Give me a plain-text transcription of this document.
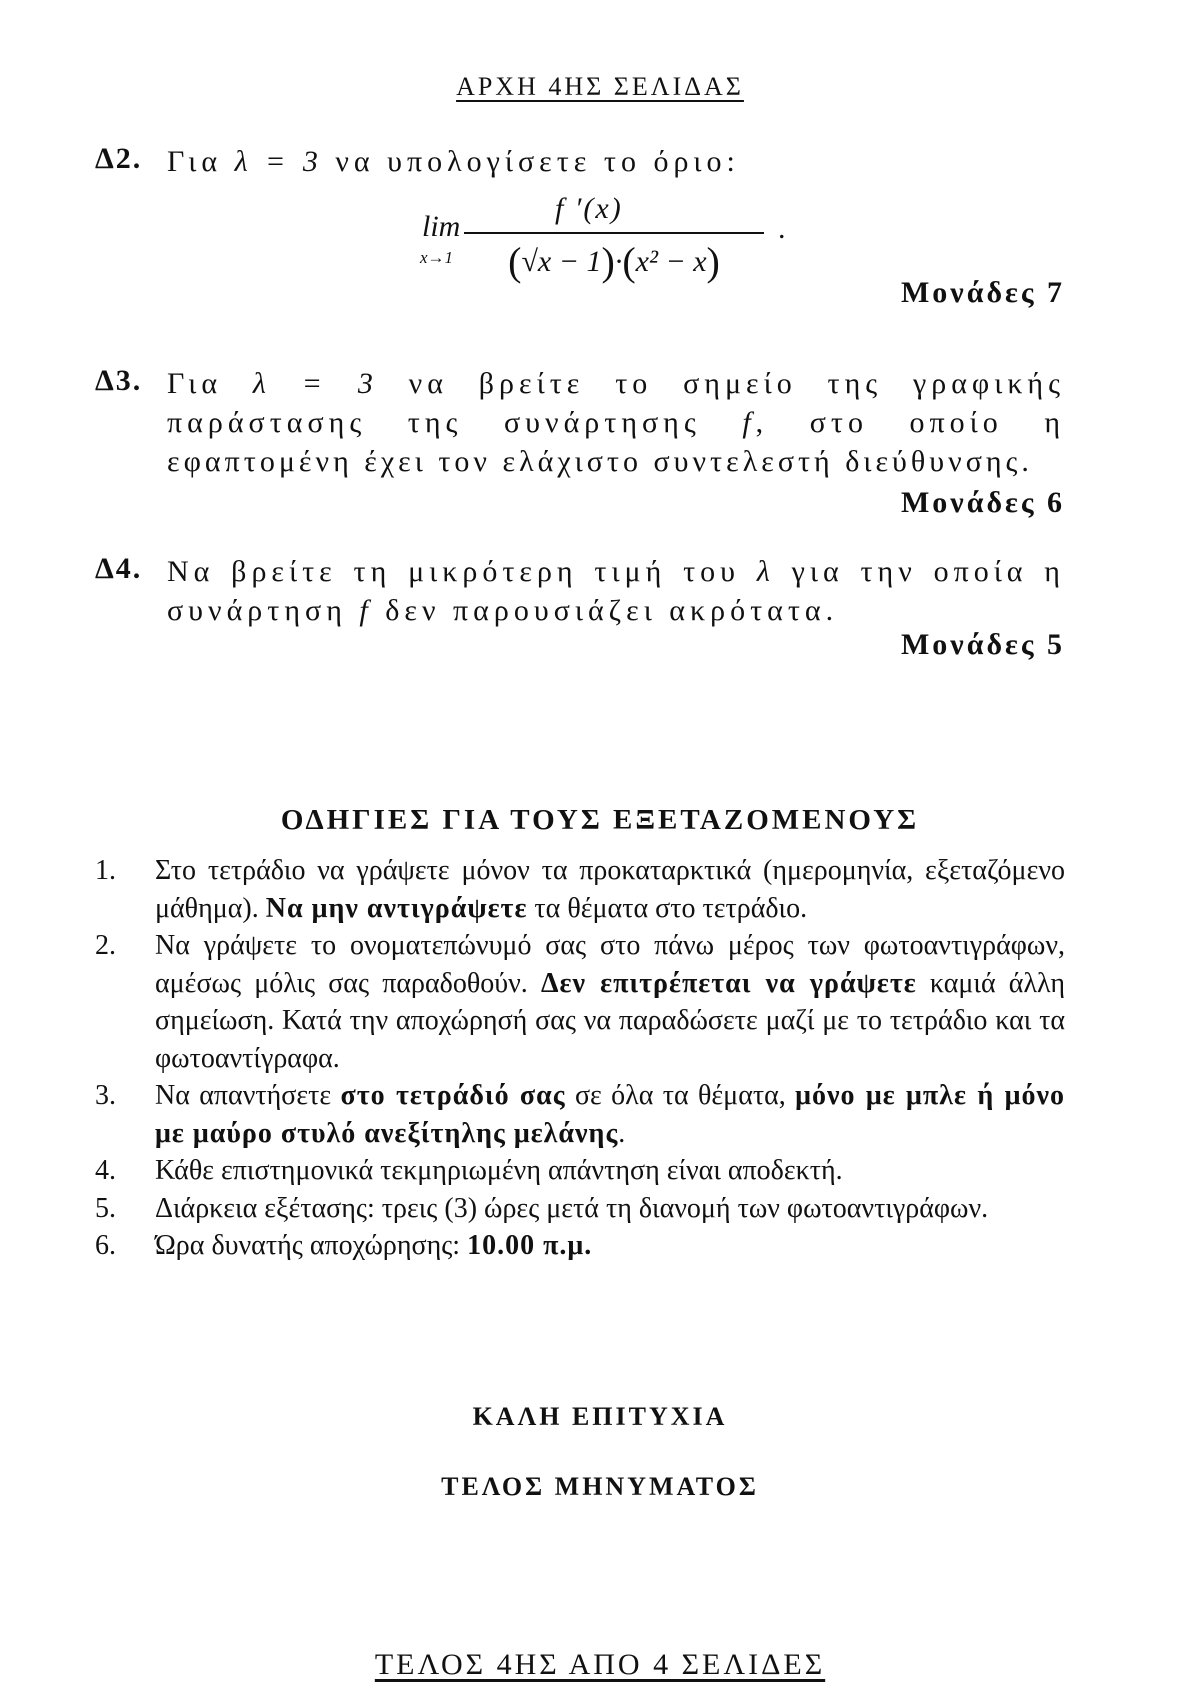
ΑΡΧΗ 4ΗΣ ΣΕΛΙΔΑΣ
Δ2. Για λ = 3 να υπολογίσετε το όριο:
lim
x→1
f ′(x)
(√x − 1)·(x² − x)
.
Μονάδες 7
Δ3. Για λ = 3 να βρείτε το σημείο της γραφικής
παράστασης της συνάρτησης f, στο οποίο η
εφαπτομένη έχει τον ελάχιστο συντελεστή διεύθυνσης.
Μονάδες 6
Δ4. Να βρείτε τη μικρότερη τιμή του λ για την οποία η
συνάρτηση f δεν παρουσιάζει ακρότατα.
Μονάδες 5
ΟΔΗΓΙΕΣ ΓΙΑ ΤΟΥΣ ΕΞΕΤΑΖΟΜΕΝΟΥΣ
1. Στο τετράδιο να γράψετε μόνον τα προκαταρκτικά (ημερομηνία, εξεταζόμενο μάθημα). Να μην αντιγράψετε τα θέματα στο τετράδιο.
2. Να γράψετε το ονοματεπώνυμό σας στο πάνω μέρος των φωτοαντιγράφων, αμέσως μόλις σας παραδοθούν. Δεν επιτρέπεται να γράψετε καμιά άλλη σημείωση. Κατά την αποχώρησή σας να παραδώσετε μαζί με το τετράδιο και τα φωτοαντίγραφα.
3. Να απαντήσετε στο τετράδιό σας σε όλα τα θέματα, μόνο με μπλε ή μόνο με μαύρο στυλό ανεξίτηλης μελάνης.
4. Κάθε επιστημονικά τεκμηριωμένη απάντηση είναι αποδεκτή.
5. Διάρκεια εξέτασης: τρεις (3) ώρες μετά τη διανομή των φωτοαντιγράφων.
6. Ώρα δυνατής αποχώρησης: 10.00 π.μ.
ΚΑΛΗ ΕΠΙΤΥΧΙΑ
ΤΕΛΟΣ ΜΗΝΥΜΑΤΟΣ
ΤΕΛΟΣ 4ΗΣ ΑΠΟ 4 ΣΕΛΙΔΕΣ
